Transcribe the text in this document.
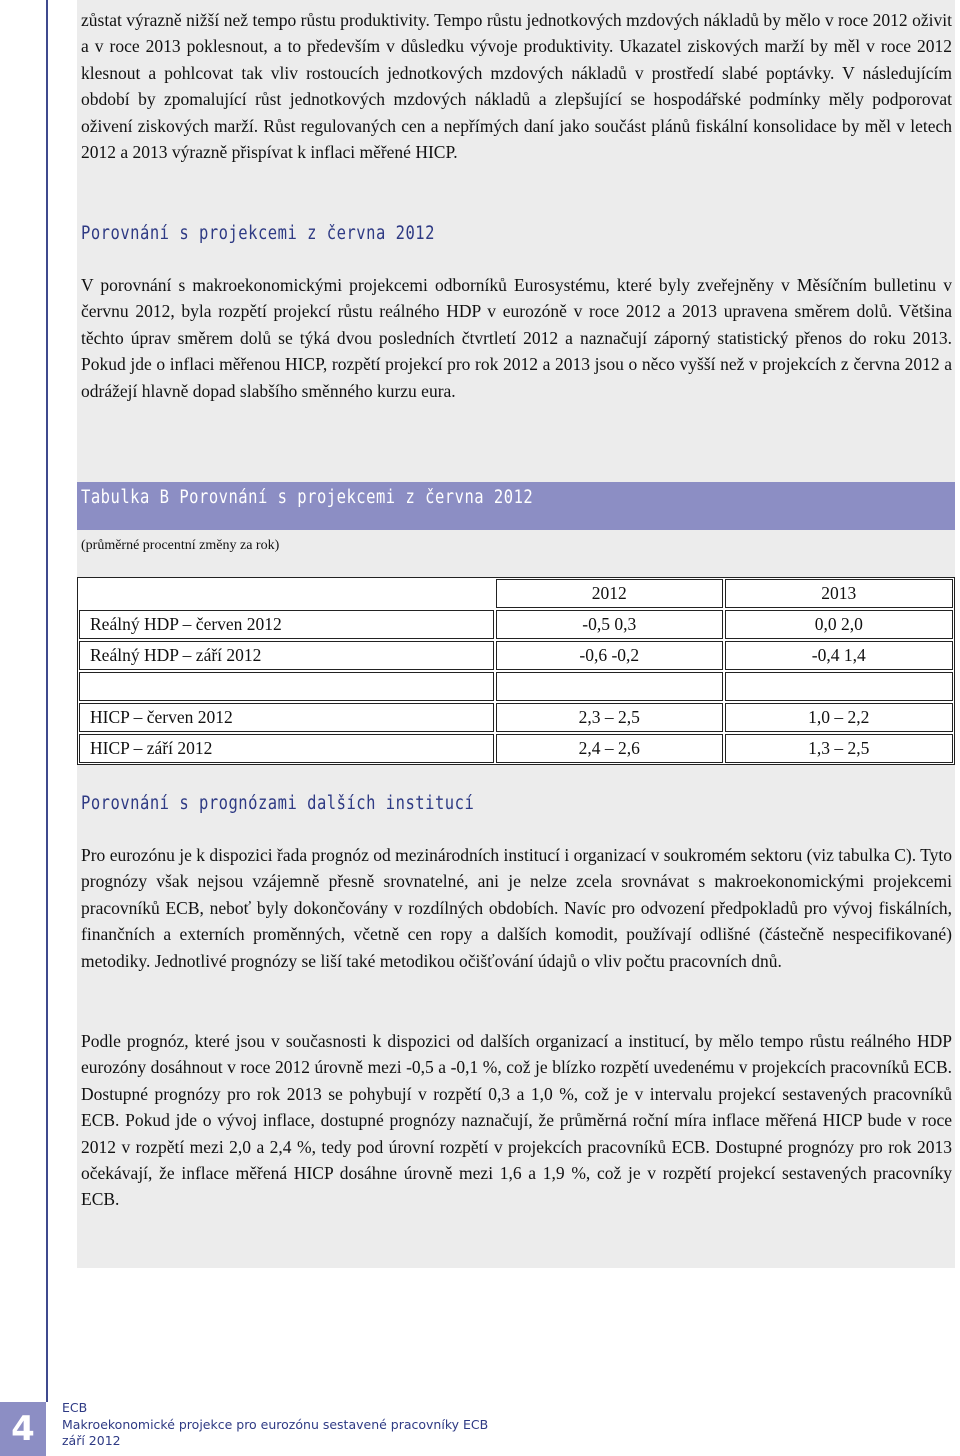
zůstat výrazně nižší než tempo růstu produktivity. Tempo růstu jednotkových mzdových nákladů by mělo v roce 2012 oživit a v roce 2013 poklesnout, a to především v důsledku vývoje produktivity. Ukazatel ziskových marží by měl v roce 2012 klesnout a pohlcovat tak vliv rostoucích jednotkových mzdových nákladů v prostředí slabé poptávky. V následujícím období by zpomalující růst jednotkových mzdových nákladů a zlepšující se hospodářské podmínky měly podporovat oživení ziskových marží. Růst regulovaných cen a nepřímých daní jako součást plánů fiskální konsolidace by měl v letech 2012 a 2013 výrazně přispívat k inflaci měřené HICP.

Porovnání s projekcemi z června 2012

V porovnání s makroekonomickými projekcemi odborníků Eurosystému, které byly zveřejněny v Měsíčním bulletinu v červnu 2012, byla rozpětí projekcí růstu reálného HDP v eurozóně v roce 2012 a 2013 upravena směrem dolů. Většina těchto úprav směrem dolů se týká dvou posledních čtvrtletí 2012 a naznačují záporný statistický přenos do roku 2013. Pokud jde o inflaci měřenou HICP, rozpětí projekcí pro rok 2012 a 2013 jsou o něco vyšší než v projekcích z června 2012 a odrážejí hlavně dopad slabšího směnného kurzu eura.

Tabulka B Porovnání s projekcemi z června 2012

(průměrné procentní změny za rok)

	2012	2013

Reálný HDP – červen 2012	-0,5 0,3	0,0 2,0

Reálný HDP – září 2012	-0,6 -0,2	-0,4 1,4

HICP – červen 2012	2,3 – 2,5	1,0 – 2,2

HICP – září 2012	2,4 – 2,6	1,3 – 2,5
Porovnání s prognózami dalších institucí

Pro eurozónu je k dispozici řada prognóz od mezinárodních institucí i organizací v soukromém sektoru (viz tabulka C). Tyto prognózy však nejsou vzájemně přesně srovnatelné, ani je nelze zcela srovnávat s makroekonomickými projekcemi pracovníků ECB, neboť byly dokončovány v rozdílných obdobích. Navíc pro odvození předpokladů pro vývoj fiskálních, finančních a externích proměnných, včetně cen ropy a dalších komodit, používají odlišné (částečně nespecifikované) metodiky. Jednotlivé prognózy se liší také metodikou očišťování údajů o vliv počtu pracovních dnů.

Podle prognóz, které jsou v současnosti k dispozici od dalších organizací a institucí, by mělo tempo růstu reálného HDP eurozóny dosáhnout v roce 2012 úrovně mezi -0,5 a -0,1 %, což je blízko rozpětí uvedenému v projekcích pracovníků ECB. Dostupné prognózy pro rok 2013 se pohybují v rozpětí 0,3 a 1,0 %, což je v intervalu projekcí sestavených pracovníků ECB. Pokud jde o vývoj inflace, dostupné prognózy naznačují, že průměrná roční míra inflace měřená HICP bude v roce 2012 v rozpětí mezi 2,0 a 2,4 %, tedy pod úrovní rozpětí v projekcích pracovníků ECB. Dostupné prognózy pro rok 2013 očekávají, že inflace měřená HICP dosáhne úrovně mezi 1,6 a 1,9 %, což je v rozpětí projekcí sestavených pracovníky ECB.

4
ECB
Makroekonomické projekce pro eurozónu sestavené pracovníky ECB
září 2012
